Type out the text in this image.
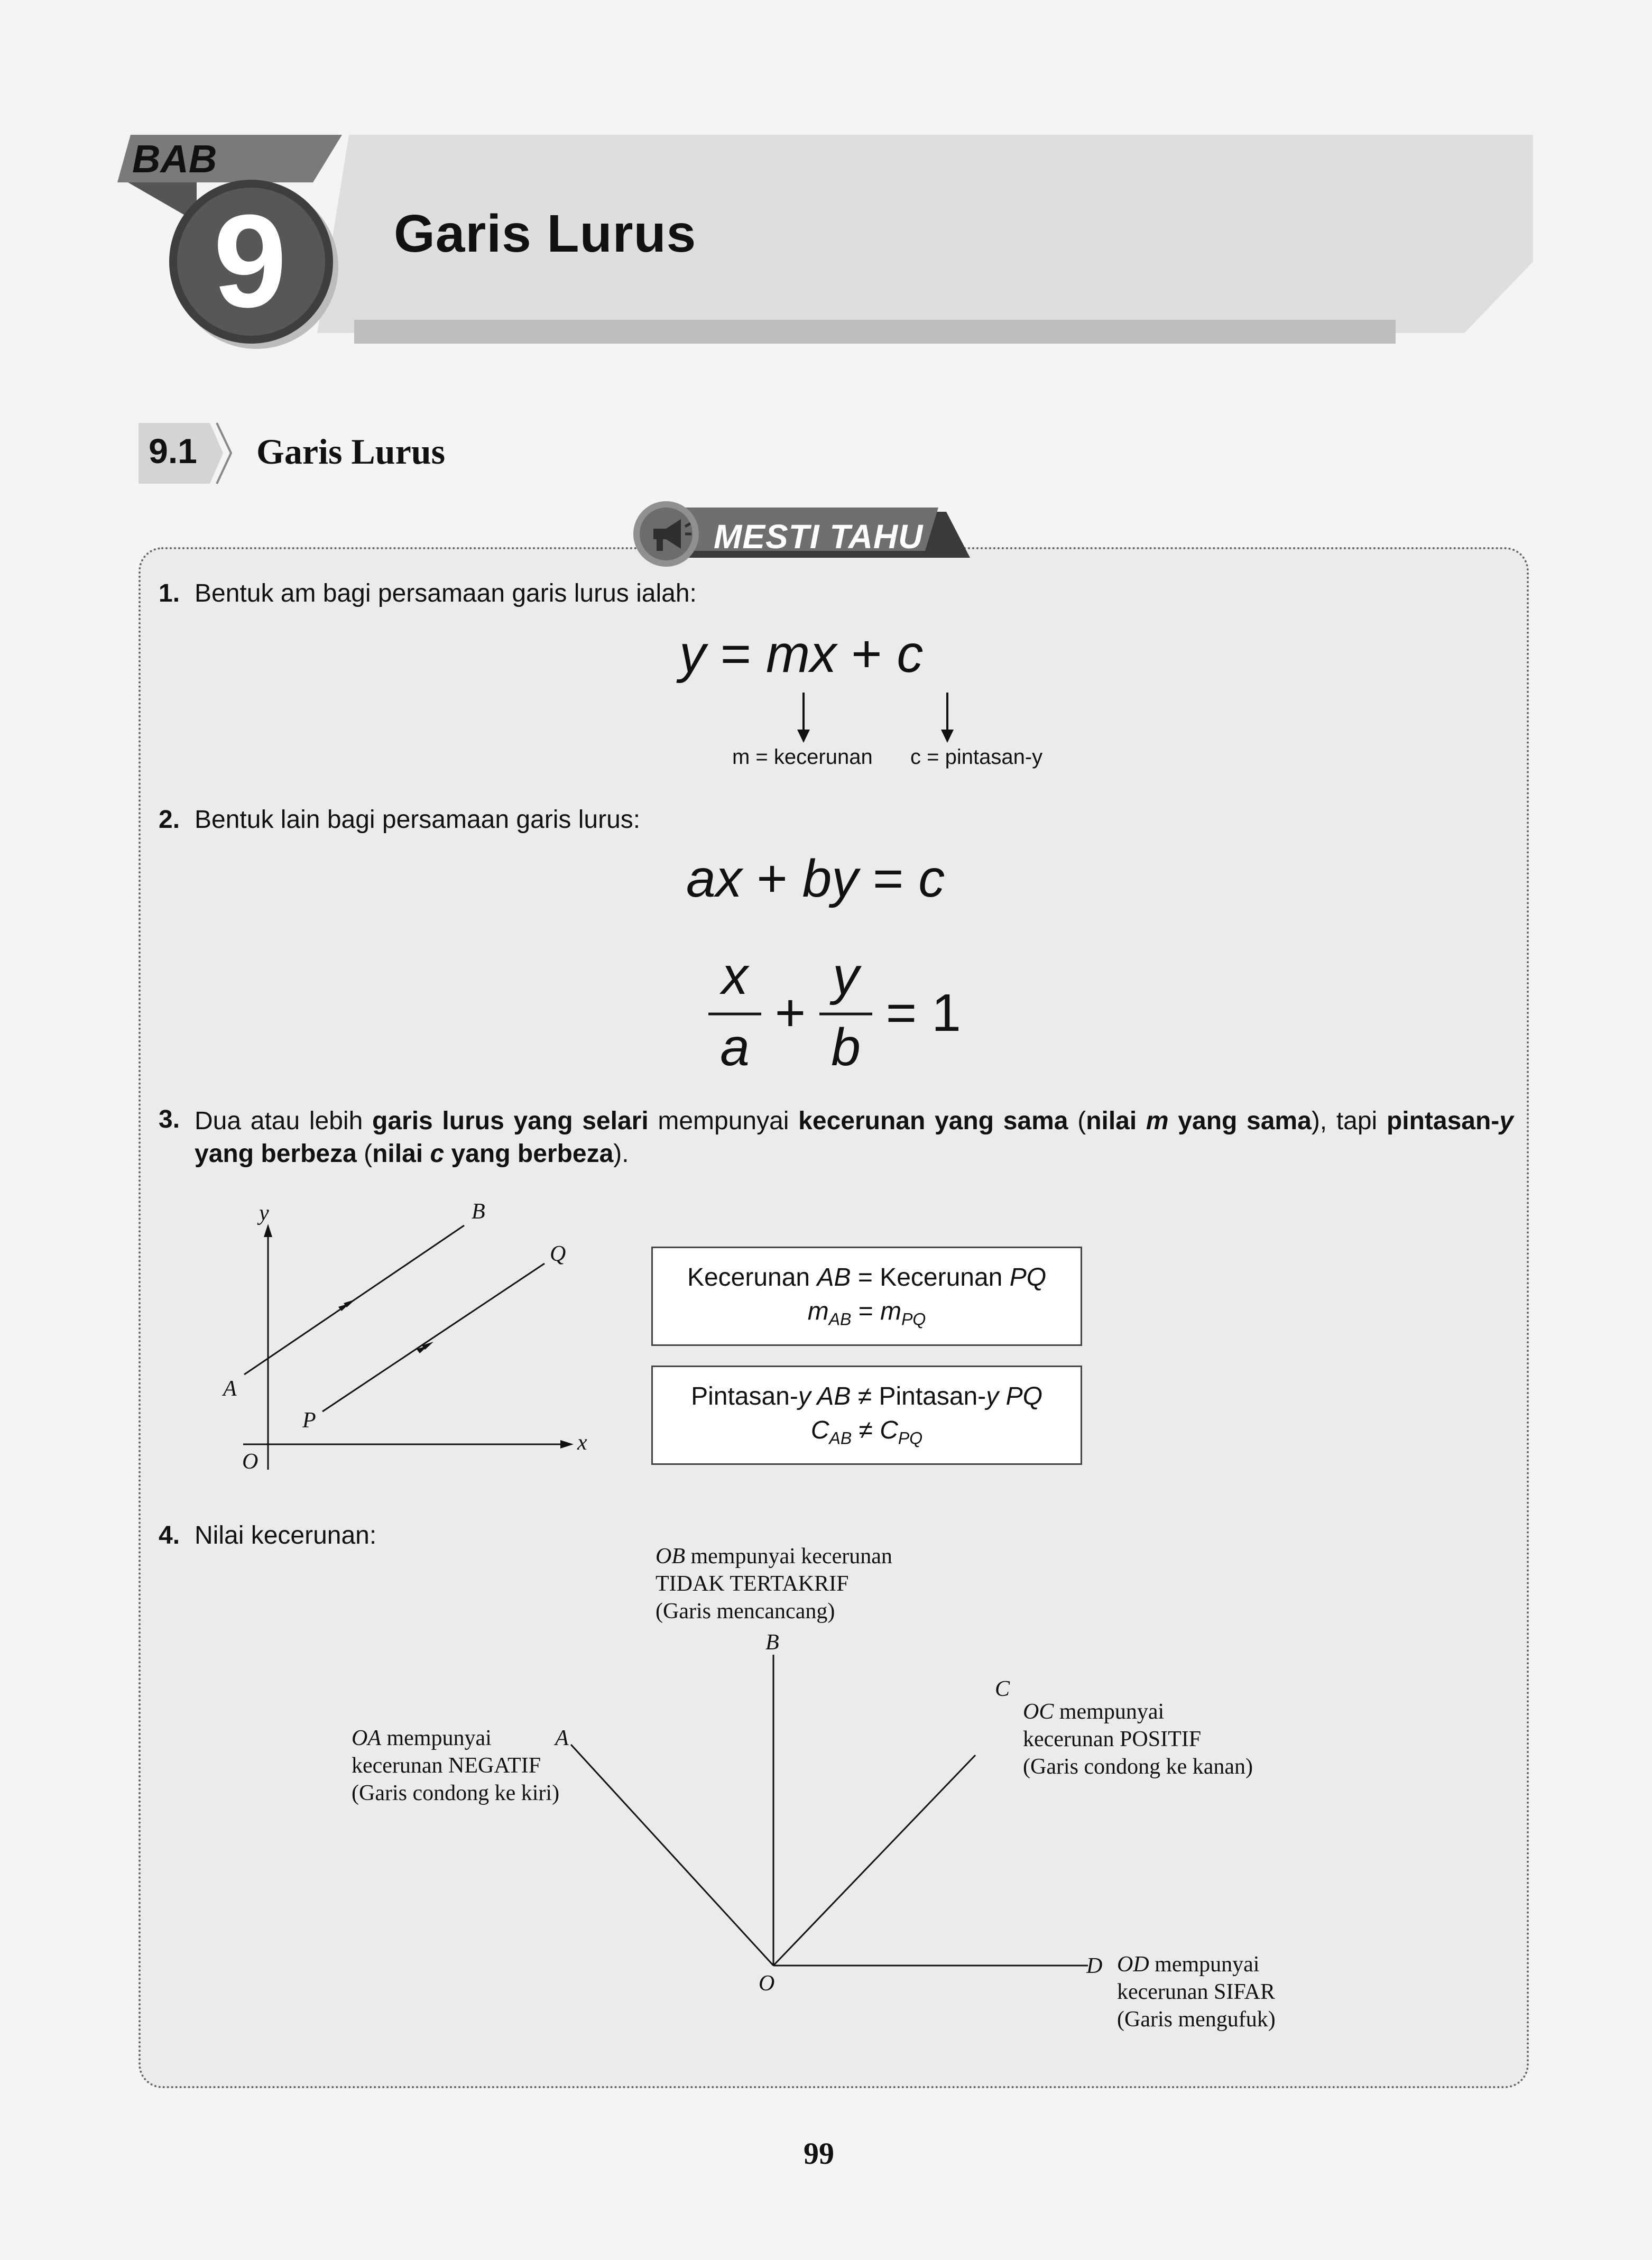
BAB
9 Garis Lurus
9.1 Garis Lurus
MESTI TAHU
1. Bentuk am bagi persamaan garis lurus ialah:
y = mx + c
m = kecerunan c = pintasan-y
2. Bentuk lain bagi persamaan garis lurus:
ax + by = c
x
a
+
y
b
= 1
3. Dua atau lebih garis lurus yang selari mempunyai kecerunan yang sama (nilai m yang sama), tapi pintasan-y yang berbeza (nilai c yang berbeza).
y
x
O
A
B
P
Q
Kecerunan AB = Kecerunan PQ
$m_{AB} = m_{PQ}$
Pintasan-y AB ≠ Pintasan-y PQ
$C_{AB} \ne C_{PQ}$
4. Nilai kecerunan:
O
B
C
D
A
OB mempunyai kecerunan
TIDAK TERTAKRIF
(Garis mencancang)
OA mempunyai
kecerunan NEGATIF
(Garis condong ke kiri)
OC mempunyai
kecerunan POSITIF
(Garis condong ke kanan)
OD mempunyai
kecerunan SIFAR
(Garis mengufuk)
99
